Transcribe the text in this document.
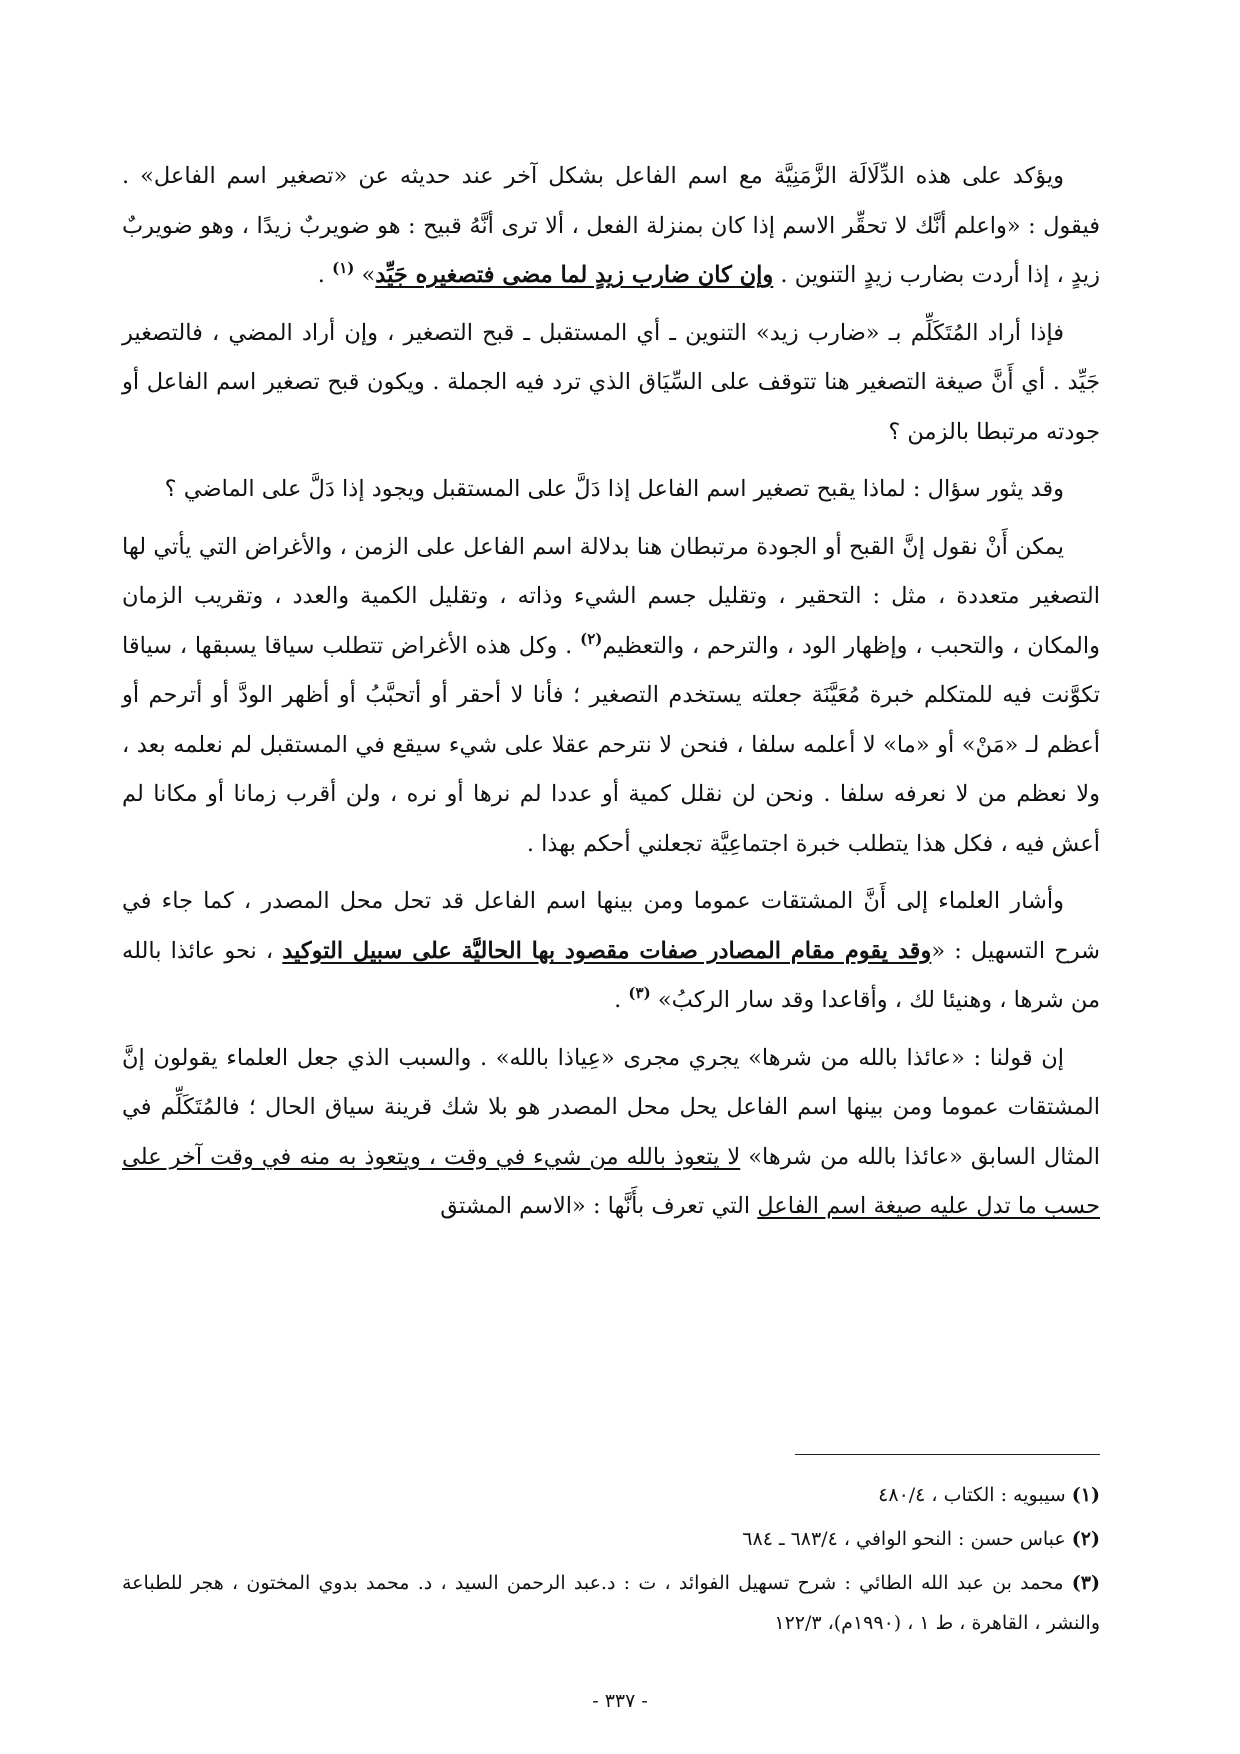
ويؤكد على هذه الدِّلَالَة الزَّمَنِيَّة مع اسم الفاعل بشكل آخر عند حديثه عن «تصغير اسم الفاعل» . فيقول : «واعلم أنَّك لا تحقِّر الاسم إذا كان بمنزلة الفعل ، ألا ترى أنَّهُ قبيح : هو ضويربٌ زيدًا ، وهو ضويربٌ زيدٍ ، إذا أردت بضارب زيدٍ التنوين . وإن كان ضارب زيدٍ لما مضى فتصغيره جَيِّد» $^{(١)}$ .

فإذا أراد المُتَكَلِّم بـ «ضارب زيد» التنوين ـ أي المستقبل ـ قبح التصغير ، وإن أراد المضي ، فالتصغير جَيِّد . أي أَنَّ صيغة التصغير هنا تتوقف على السِّيَاق الذي ترد فيه الجملة . ويكون قبح تصغير اسم الفاعل أو جودته مرتبطا بالزمن ؟

وقد يثور سؤال : لماذا يقبح تصغير اسم الفاعل إذا دَلَّ على المستقبل ويجود إذا دَلَّ على الماضي ؟

يمكن أَنْ نقول إنَّ القبح أو الجودة مرتبطان هنا بدلالة اسم الفاعل على الزمن ، والأغراض التي يأتي لها التصغير متعددة ، مثل : التحقير ، وتقليل جسم الشيء وذاته ، وتقليل الكمية والعدد ، وتقريب الزمان والمكان ، والتحبب ، وإظهار الود ، والترحم ، والتعظيم$^{(٢)}$ . وكل هذه الأغراض تتطلب سياقا يسبقها ، سياقا تكوَّنت فيه للمتكلم خبرة مُعَيَّنَة جعلته يستخدم التصغير ؛ فأنا لا أحقر أو أتحبَّبُ أو أظهر الودَّ أو أترحم أو أعظم لـ «مَنْ» أو «ما» لا أعلمه سلفا ، فنحن لا نترحم عقلا على شيء سيقع في المستقبل لم نعلمه بعد ، ولا نعظم من لا نعرفه سلفا . ونحن لن نقلل كمية أو عددا لم نرها أو نره ، ولن أقرب زمانا أو مكانا لم أعش فيه ، فكل هذا يتطلب خبرة اجتماعِيَّة تجعلني أحكم بهذا .

وأشار العلماء إلى أَنَّ المشتقات عموما ومن بينها اسم الفاعل قد تحل محل المصدر ، كما جاء في شرح التسهيل : «وقد يقوم مقام المصادر صفات مقصود بها الحاليَّة على سبيل التوكيد ، نحو عائذا بالله من شرها ، وهنيئا لك ، وأقاعدا وقد سار الركبُ» $^{(٣)}$ .

إن قولنا : «عائذا بالله من شرها» يجري مجرى «عِياذا بالله» . والسبب الذي جعل العلماء يقولون إنَّ المشتقات عموما ومن بينها اسم الفاعل يحل محل المصدر هو بلا شك قرينة سياق الحال ؛ فالمُتَكَلِّم في المثال السابق «عائذا بالله من شرها» لا يتعوذ بالله من شيء في وقت ، ويتعوذ به منه في وقت آخر على حسب ما تدل عليه صيغة اسم الفاعل التي تعرف بأَنَّها : «الاسم المشتق

(١) سيبويه : الكتاب ، ٤٨٠/٤

(٢) عباس حسن : النحو الوافي ، ٦٨٣/٤ ـ ٦٨٤

(٣) محمد بن عبد الله الطائي : شرح تسهيل الفوائد ، ت : د.عبد الرحمن السيد ، د. محمد بدوي المختون ، هجر للطباعة والنشر ، القاهرة ، ط ١ ، (١٩٩٠م)، ١٢٢/٣

- ٣٣٧ -
